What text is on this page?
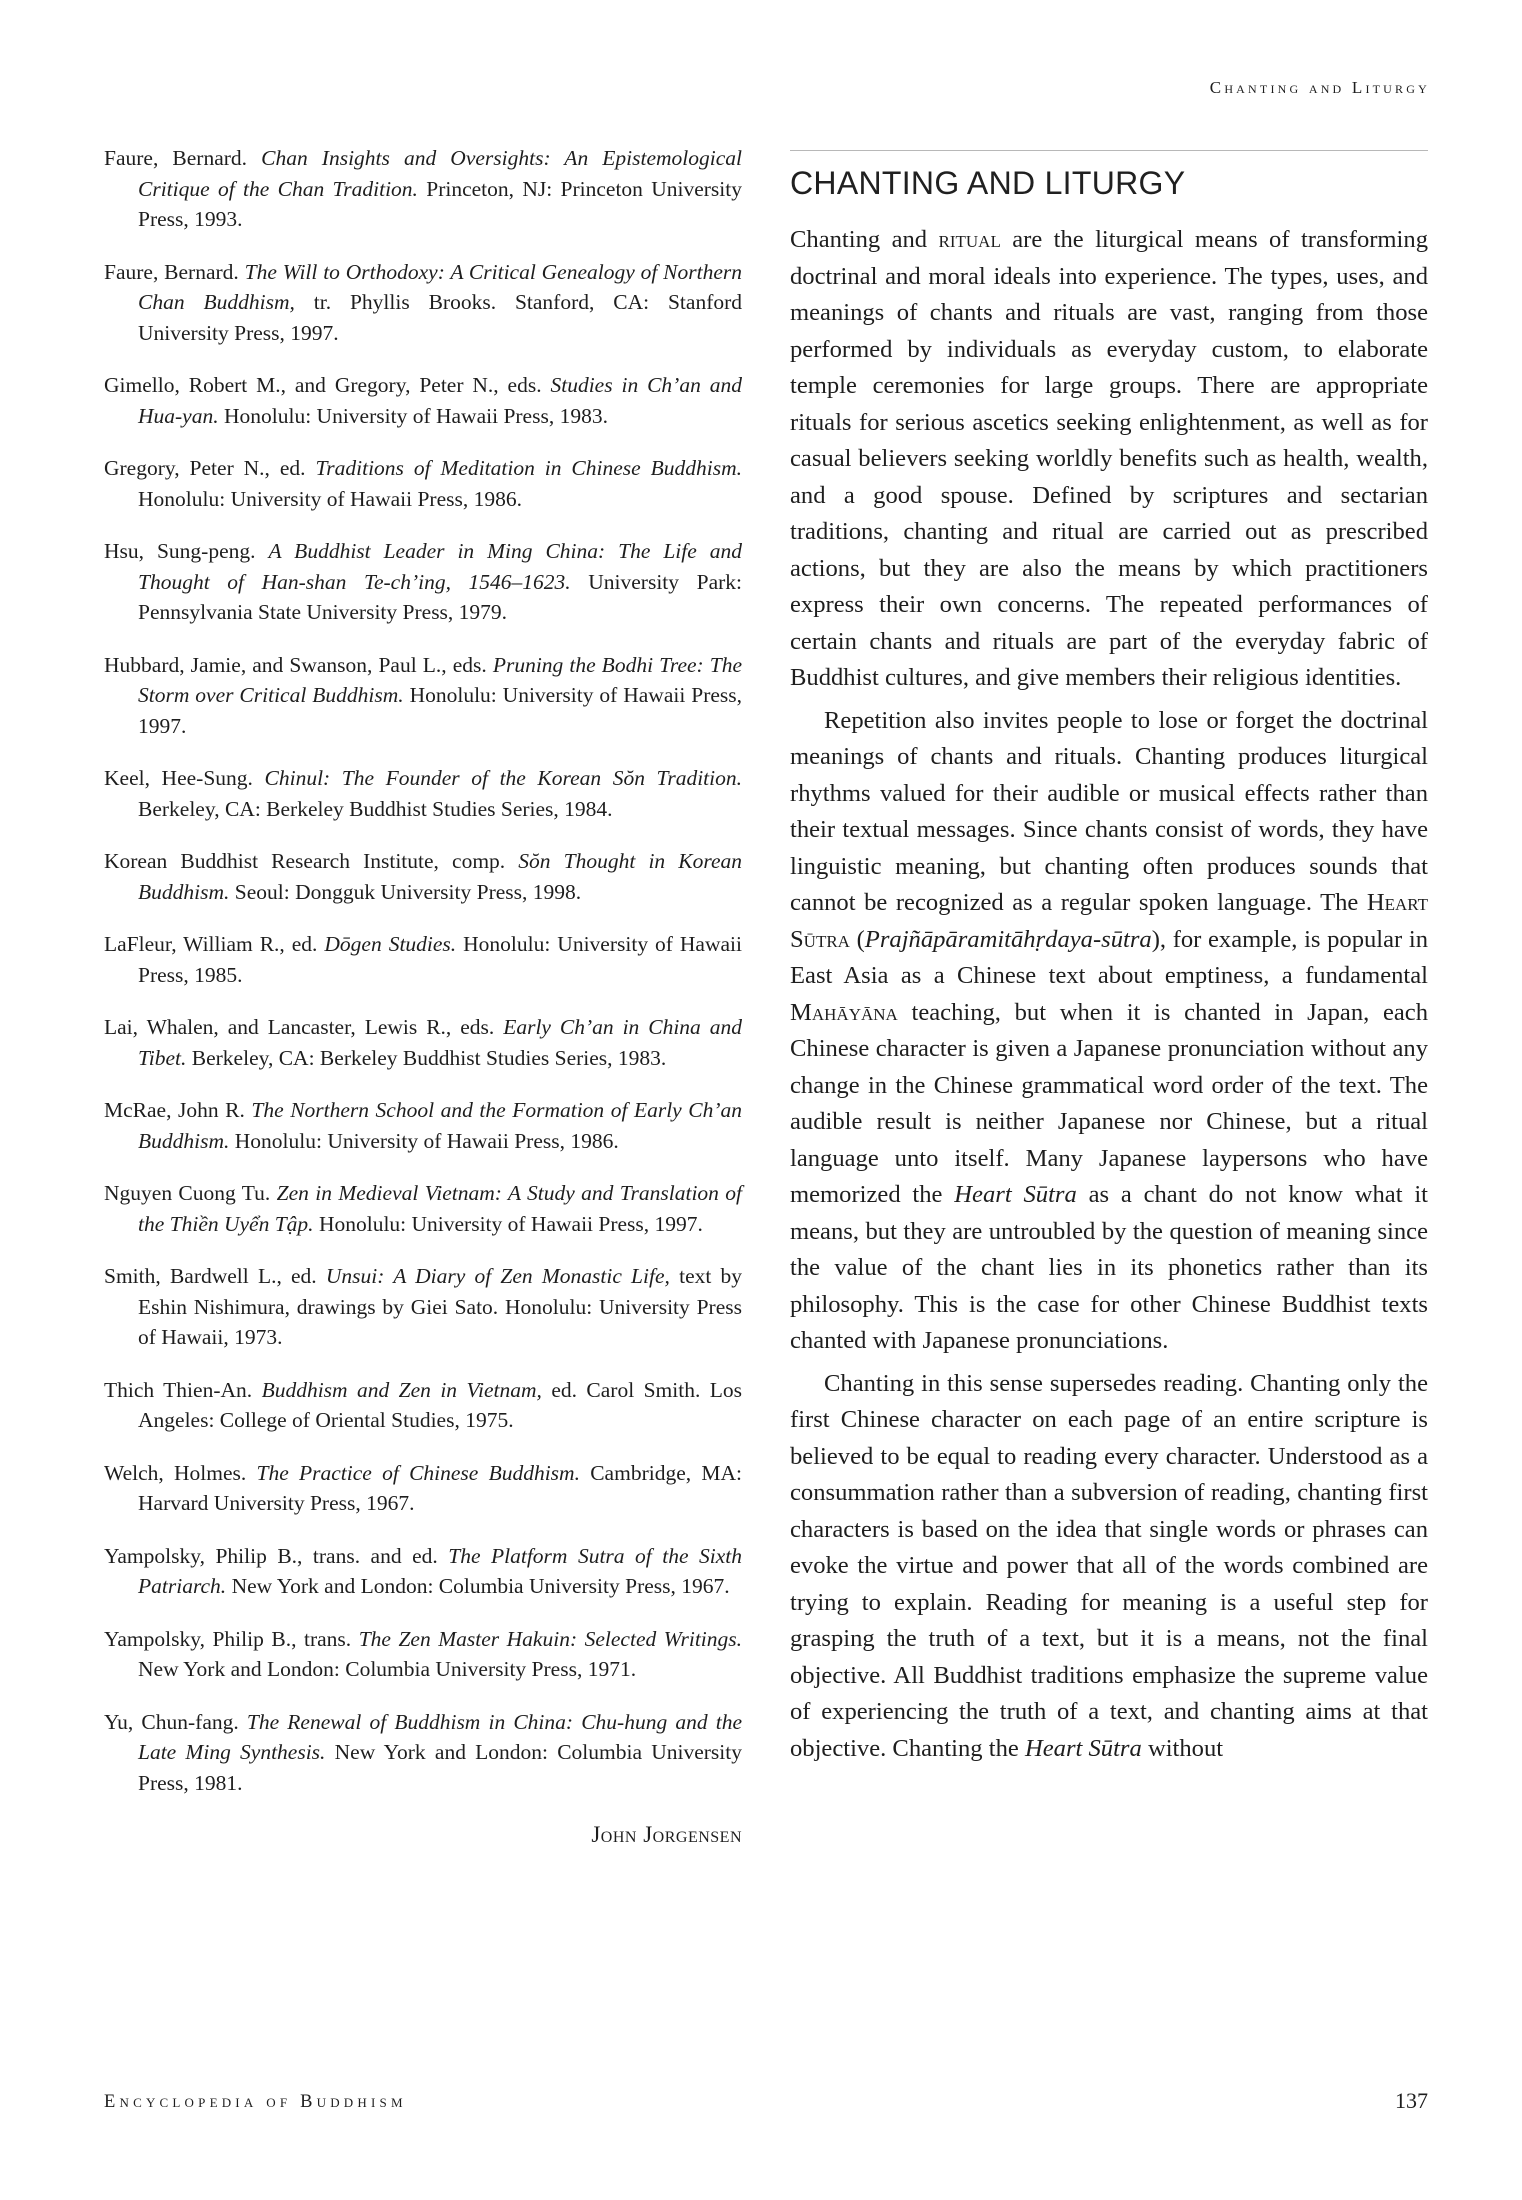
Chanting and Liturgy

Faure, Bernard. Chan Insights and Oversights: An Epistemological Critique of the Chan Tradition. Princeton, NJ: Princeton University Press, 1993.

Faure, Bernard. The Will to Orthodoxy: A Critical Genealogy of Northern Chan Buddhism, tr. Phyllis Brooks. Stanford, CA: Stanford University Press, 1997.

Gimello, Robert M., and Gregory, Peter N., eds. Studies in Ch’an and Hua-yan. Honolulu: University of Hawaii Press, 1983.

Gregory, Peter N., ed. Traditions of Meditation in Chinese Buddhism. Honolulu: University of Hawaii Press, 1986.

Hsu, Sung-peng. A Buddhist Leader in Ming China: The Life and Thought of Han-shan Te-ch’ing, 1546–1623. University Park: Pennsylvania State University Press, 1979.

Hubbard, Jamie, and Swanson, Paul L., eds. Pruning the Bodhi Tree: The Storm over Critical Buddhism. Honolulu: University of Hawaii Press, 1997.

Keel, Hee-Sung. Chinul: The Founder of the Korean Sŏn Tradition. Berkeley, CA: Berkeley Buddhist Studies Series, 1984.

Korean Buddhist Research Institute, comp. Sŏn Thought in Korean Buddhism. Seoul: Dongguk University Press, 1998.

LaFleur, William R., ed. Dōgen Studies. Honolulu: University of Hawaii Press, 1985.

Lai, Whalen, and Lancaster, Lewis R., eds. Early Ch’an in China and Tibet. Berkeley, CA: Berkeley Buddhist Studies Series, 1983.

McRae, John R. The Northern School and the Formation of Early Ch’an Buddhism. Honolulu: University of Hawaii Press, 1986.

Nguyen Cuong Tu. Zen in Medieval Vietnam: A Study and Translation of the Thiền Uyển Tập. Honolulu: University of Hawaii Press, 1997.

Smith, Bardwell L., ed. Unsui: A Diary of Zen Monastic Life, text by Eshin Nishimura, drawings by Giei Sato. Honolulu: University Press of Hawaii, 1973.

Thich Thien-An. Buddhism and Zen in Vietnam, ed. Carol Smith. Los Angeles: College of Oriental Studies, 1975.

Welch, Holmes. The Practice of Chinese Buddhism. Cambridge, MA: Harvard University Press, 1967.

Yampolsky, Philip B., trans. and ed. The Platform Sutra of the Sixth Patriarch. New York and London: Columbia University Press, 1967.

Yampolsky, Philip B., trans. The Zen Master Hakuin: Selected Writings. New York and London: Columbia University Press, 1971.

Yu, Chun-fang. The Renewal of Buddhism in China: Chu-hung and the Late Ming Synthesis. New York and London: Columbia University Press, 1981.

John Jorgensen
CHANTING AND LITURGY

Chanting and ritual are the liturgical means of transforming doctrinal and moral ideals into experience. The types, uses, and meanings of chants and rituals are vast, ranging from those performed by individuals as everyday custom, to elaborate temple ceremonies for large groups. There are appropriate rituals for serious ascetics seeking enlightenment, as well as for casual believers seeking worldly benefits such as health, wealth, and a good spouse. Defined by scriptures and sectarian traditions, chanting and ritual are carried out as prescribed actions, but they are also the means by which practitioners express their own concerns. The repeated performances of certain chants and rituals are part of the everyday fabric of Buddhist cultures, and give members their religious identities.

Repetition also invites people to lose or forget the doctrinal meanings of chants and rituals. Chanting produces liturgical rhythms valued for their audible or musical effects rather than their textual messages. Since chants consist of words, they have linguistic meaning, but chanting often produces sounds that cannot be recognized as a regular spoken language. The Heart Sūtra (Prajñāpāramitāhṛdaya-sūtra), for example, is popular in East Asia as a Chinese text about emptiness, a fundamental Mahāyāna teaching, but when it is chanted in Japan, each Chinese character is given a Japanese pronunciation without any change in the Chinese grammatical word order of the text. The audible result is neither Japanese nor Chinese, but a ritual language unto itself. Many Japanese laypersons who have memorized the Heart Sūtra as a chant do not know what it means, but they are untroubled by the question of meaning since the value of the chant lies in its phonetics rather than its philosophy. This is the case for other Chinese Buddhist texts chanted with Japanese pronunciations.

Chanting in this sense supersedes reading. Chanting only the first Chinese character on each page of an entire scripture is believed to be equal to reading every character. Understood as a consummation rather than a subversion of reading, chanting first characters is based on the idea that single words or phrases can evoke the virtue and power that all of the words combined are trying to explain. Reading for meaning is a useful step for grasping the truth of a text, but it is a means, not the final objective. All Buddhist traditions emphasize the supreme value of experiencing the truth of a text, and chanting aims at that objective. Chanting the Heart Sūtra without

Encyclopedia of Buddhism	137
